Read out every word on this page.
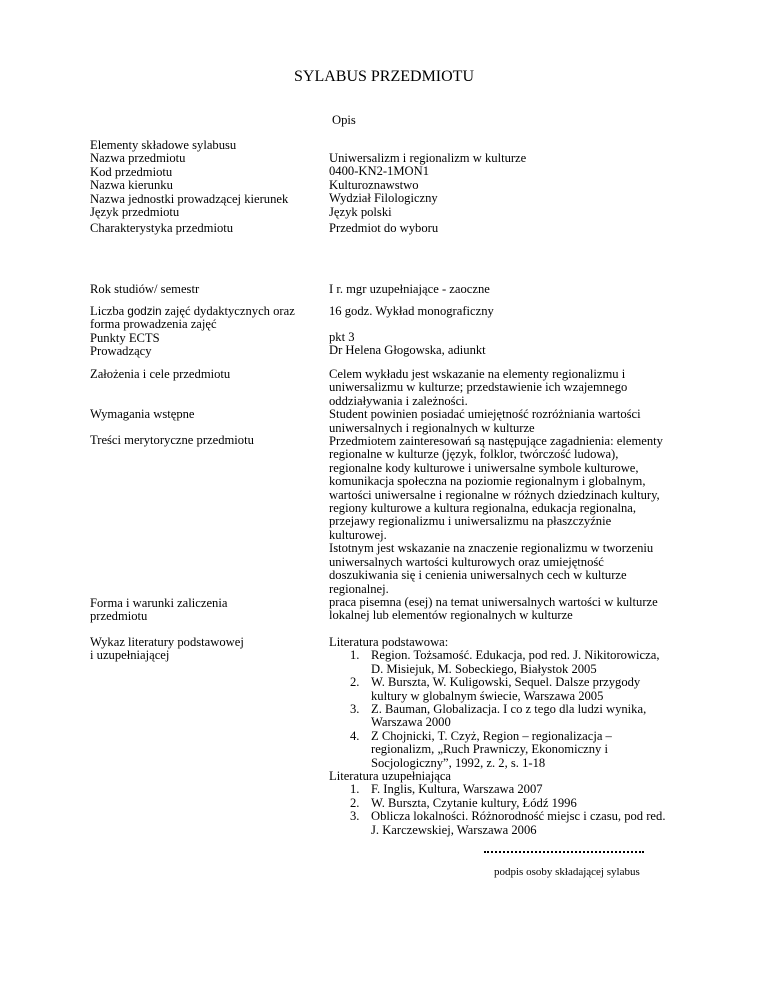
SYLABUS PRZEDMIOTU
Opis
Elementy składowe sylabusu
Nazwa przedmiotu
Kod przedmiotu
Nazwa kierunku
Nazwa jednostki prowadzącej kierunek
Język przedmiotu
Uniwersalizm i regionalizm w kulturze
0400-KN2-1MON1
Kulturoznawstwo
Wydział Filologiczny
Język polski
Charakterystyka przedmiotu	Przedmiot do wyboru
Rok studiów/ semestr	I r. mgr uzupełniające - zaoczne
Liczba godzin zajęć dydaktycznych oraz
forma prowadzenia zajęć
Punkty ECTS
Prowadzący
16 godz. Wykład monograficzny
pkt 3
Dr Helena Głogowska, adiunkt
Założenia i cele przedmiotu
Wymagania wstępne
Treści merytoryczne przedmiotu
Forma i warunki zaliczenia
przedmiotu
Wykaz literatury podstawowej
i uzupełniającej
Celem wykładu jest wskazanie na elementy regionalizmu i
uniwersalizmu w kulturze; przedstawienie ich wzajemnego
oddziaływania i zależności.
Student powinien posiadać umiejętność rozróżniania wartości
uniwersalnych i regionalnych w kulturze
Przedmiotem zainteresowań są następujące zagadnienia: elementy
regionalne w kulturze (język, folklor, twórczość ludowa),
regionalne kody kulturowe i uniwersalne symbole kulturowe,
komunikacja społeczna na poziomie regionalnym i globalnym,
wartości uniwersalne i regionalne w różnych dziedzinach kultury,
regiony kulturowe a kultura regionalna, edukacja regionalna,
przejawy regionalizmu i uniwersalizmu na płaszczyźnie
kulturowej.
Istotnym jest wskazanie na znaczenie regionalizmu w tworzeniu
uniwersalnych wartości kulturowych oraz umiejętność
doszukiwania się i cenienia uniwersalnych cech w kulturze
regionalnej.
praca pisemna (esej) na temat uniwersalnych wartości w kulturze
lokalnej lub elementów regionalnych w kulturze
Literatura podstawowa:
1. Region. Tożsamość. Edukacja, pod red. J. Nikitorowicza,
D. Misiejuk, M. Sobeckiego, Białystok 2005
2. W. Burszta, W. Kuligowski, Sequel. Dalsze przygody
kultury w globalnym świecie, Warszawa 2005
3. Z. Bauman, Globalizacja. I co z tego dla ludzi wynika,
Warszawa 2000
4. Z Chojnicki, T. Czyż, Region – regionalizacja –
regionalizm, „Ruch Prawniczy, Ekonomiczny i
Socjologiczny”, 1992, z. 2, s. 1-18
Literatura uzupełniająca
1. F. Inglis, Kultura, Warszawa 2007
2. W. Burszta, Czytanie kultury, Łódź 1996
3. Oblicza lokalności. Różnorodność miejsc i czasu, pod red.
J. Karczewskiej, Warszawa 2006
podpis osoby składającej sylabus
